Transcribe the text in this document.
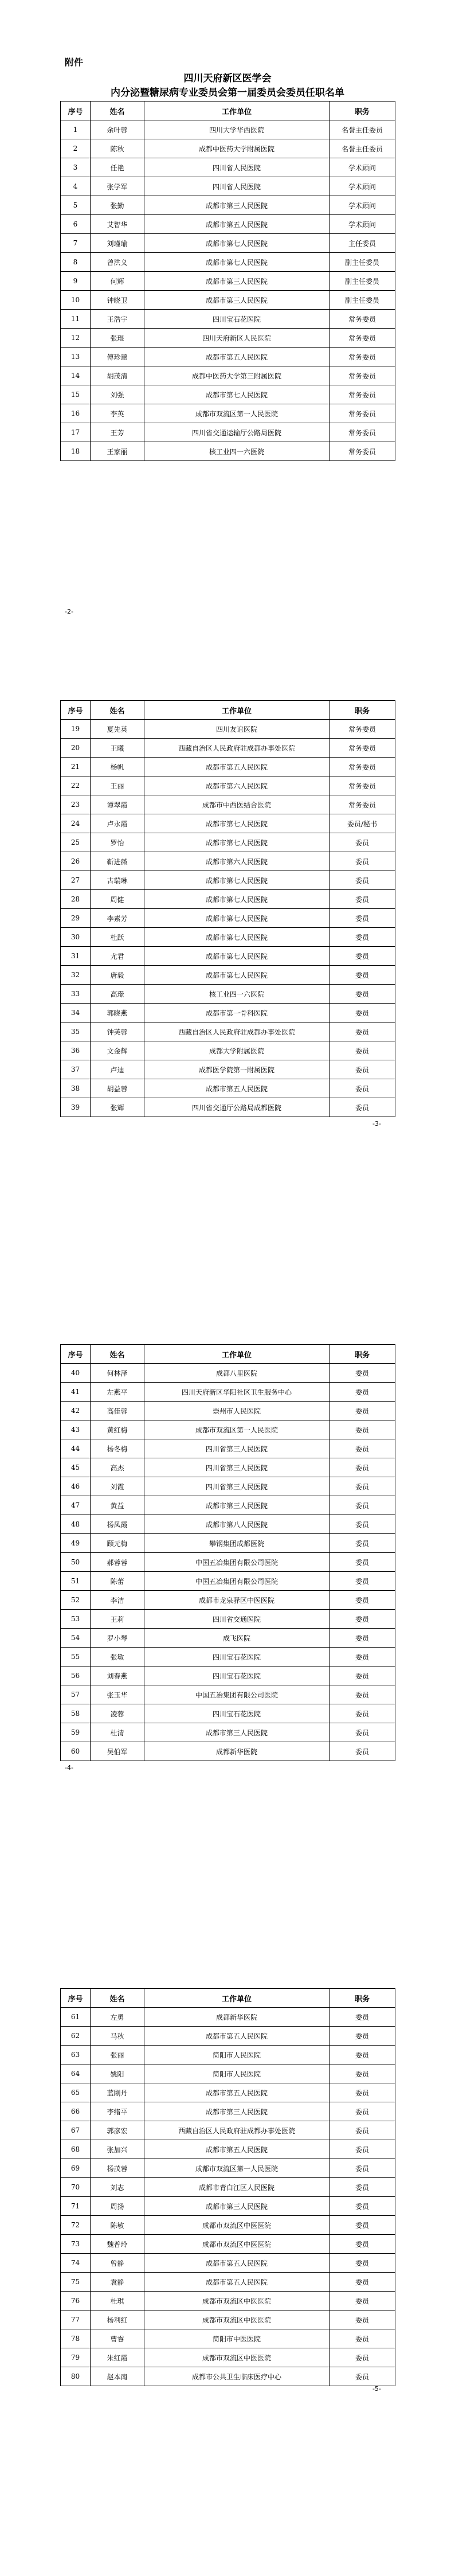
附件
四川天府新区医学会
内分泌暨糖尿病专业委员会第一届委员会委员任职名单
序号	姓名	工作单位	职务
1	余叶蓉	四川大学华西医院	名誉主任委员
2	陈秋	成都中医药大学附属医院	名誉主任委员
3	任艳	四川省人民医院	学术顾问
4	张学军	四川省人民医院	学术顾问
5	张勤	成都市第三人民医院	学术顾问
6	艾智华	成都市第五人民医院	学术顾问
7	刘瑾瑜	成都市第七人民医院	主任委员
8	曾洪义	成都市第七人民医院	副主任委员
9	何辉	成都市第三人民医院	副主任委员
10	钟晓卫	成都市第三人民医院	副主任委员
11	王浩宇	四川宝石花医院	常务委员
12	张琨	四川天府新区人民医院	常务委员
13	傅珍蕙	成都市第五人民医院	常务委员
14	胡茂清	成都中医药大学第三附属医院	常务委员
15	刘强	成都市第七人民医院	常务委员
16	李英	成都市双流区第一人民医院	常务委员
17	王芳	四川省交通运输厅公路局医院	常务委员
18	王家丽	核工业四一六医院	常务委员
-2-
序号	姓名	工作单位	职务
19	夏先英	四川友谊医院	常务委员
20	王曦	西藏自治区人民政府驻成都办事处医院	常务委员
21	杨帆	成都市第五人民医院	常务委员
22	王丽	成都市第六人民医院	常务委员
23	谭翠霞	成都市中西医结合医院	常务委员
24	卢永霞	成都市第七人民医院	委员/秘书
25	罗怡	成都市第七人民医院	委员
26	靳进薇	成都市第六人民医院	委员
27	古瑞琳	成都市第七人民医院	委员
28	周健	成都市第七人民医院	委员
29	李素芳	成都市第七人民医院	委员
30	杜跃	成都市第七人民医院	委员
31	尤君	成都市第七人民医院	委员
32	唐毅	成都市第七人民医院	委员
33	高璟	核工业四一六医院	委员
34	郭晓燕	成都市第一骨科医院	委员
35	钟芙蓉	西藏自治区人民政府驻成都办事处医院	委员
36	文金辉	成都大学附属医院	委员
37	卢迪	成都医学院第一附属医院	委员
38	胡益蓉	成都市第五人民医院	委员
39	张辉	四川省交通厅公路局成都医院	委员
-3-
序号	姓名	工作单位	职务
40	何林泽	成都八里医院	委员
41	左燕平	四川天府新区华阳社区卫生服务中心	委员
42	高佳蓉	崇州市人民医院	委员
43	黄红梅	成都市双流区第一人民医院	委员
44	杨冬梅	四川省第三人民医院	委员
45	高杰	四川省第三人民医院	委员
46	刘霞	四川省第三人民医院	委员
47	黄益	成都市第三人民医院	委员
48	杨凤霞	成都市第八人民医院	委员
49	顾元梅	攀钢集团成都医院	委员
50	郝蓉蓉	中国五冶集团有限公司医院	委员
51	陈蕾	中国五冶集团有限公司医院	委员
52	李洁	成都市龙泉驿区中医医院	委员
53	王莉	四川省交通医院	委员
54	罗小琴	成飞医院	委员
55	张敏	四川宝石花医院	委员
56	刘春燕	四川宝石花医院	委员
57	张玉华	中国五冶集团有限公司医院	委员
58	凌蓉	四川宝石花医院	委员
59	杜清	成都市第三人民医院	委员
60	吴伯军	成都新华医院	委员
-4-
序号	姓名	工作单位	职务
61	左勇	成都新华医院	委员
62	马秋	成都市第五人民医院	委员
63	张丽	简阳市人民医院	委员
64	姚阳	简阳市人民医院	委员
65	蓝刚丹	成都市第五人民医院	委员
66	李绪平	成都市第三人民医院	委员
67	郭彦宏	西藏自治区人民政府驻成都办事处医院	委员
68	张加兴	成都市第五人民医院	委员
69	杨茂蓉	成都市双流区第一人民医院	委员
70	刘志	成都市青白江区人民医院	委员
71	周扬	成都市第三人民医院	委员
72	陈敏	成都市双流区中医医院	委员
73	魏普玲	成都市双流区中医医院	委员
74	曾静	成都市第五人民医院	委员
75	袁静	成都市第五人民医院	委员
76	杜琪	成都市双流区中医医院	委员
77	杨利红	成都市双流区中医医院	委员
78	曹睿	简阳市中医医院	委员
79	朱红霞	成都市双流区中医医院	委员
80	赵本南	成都市公共卫生临床医疗中心	委员
-5-
